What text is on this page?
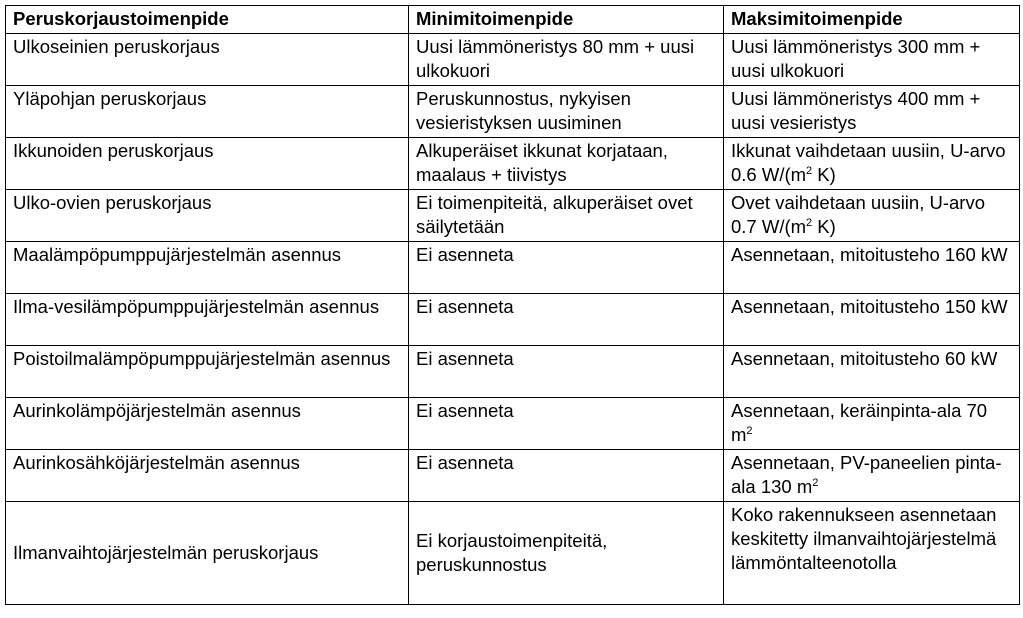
Peruskorjaustoimenpide	Minimitoimenpide	Maksimitoimenpide
Ulkoseinien peruskorjaus	Uusi lämmöneristys 80 mm + uusi ulkokuori	Uusi lämmöneristys 300 mm + uusi ulkokuori
Yläpohjan peruskorjaus	Peruskunnostus, nykyisen vesieristyksen uusiminen	Uusi lämmöneristys 400 mm + uusi vesieristys
Ikkunoiden peruskorjaus	Alkuperäiset ikkunat korjataan, maalaus + tiivistys	Ikkunat vaihdetaan uusiin, U-arvo 0.6 $W/(m^2$ K)
Ulko-ovien peruskorjaus	Ei toimenpiteitä, alkuperäiset ovet säilytetään	Ovet vaihdetaan uusiin, U-arvo 0.7 $W/(m^2$ K)
Maalämpöpumppujärjestelmän asennus	Ei asenneta	Asennetaan, mitoitusteho 160 kW
Ilma-vesilämpöpumppujärjestelmän asennus	Ei asenneta	Asennetaan, mitoitusteho 150 kW
Poistoilmalämpöpumppujärjestelmän asennus	Ei asenneta	Asennetaan, mitoitusteho 60 kW
Aurinkolämpöjärjestelmän asennus	Ei asenneta	Asennetaan, keräinpinta-ala 70 $m^2$
Aurinkosähköjärjestelmän asennus	Ei asenneta	Asennetaan, PV-paneelien pinta-ala 130 $m^2$
Ilmanvaihtojärjestelmän peruskorjaus	Ei korjaustoimenpiteitä, peruskunnostus	Koko rakennukseen asennetaan keskitetty ilmanvaihtojärjestelmä lämmöntalteenotolla
